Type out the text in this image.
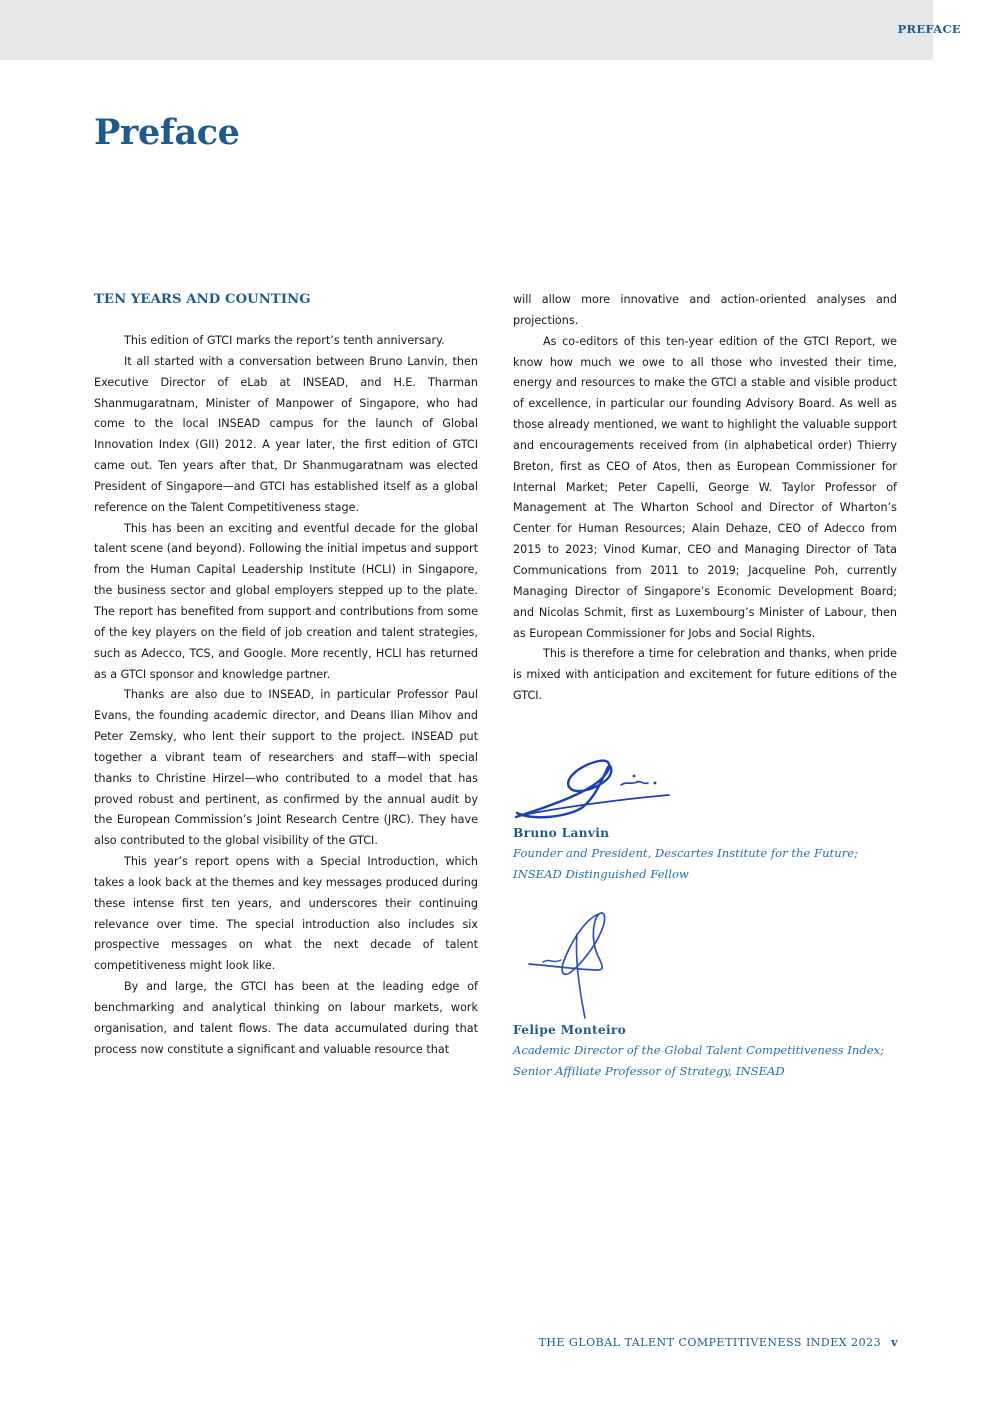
PREFACE
Preface
TEN YEARS AND COUNTING

This edition of GTCI marks the report’s tenth anniversary.

It all started with a conversation between Bruno Lanvin, then Executive Director of eLab at INSEAD, and H.E. Tharman Shanmugaratnam, Minister of Manpower of Singapore, who had come to the local INSEAD campus for the launch of Global Innovation Index (GII) 2012. A year later, the first edition of GTCI came out. Ten years after that, Dr Shanmugaratnam was elected President of Singapore—and GTCI has established itself as a global reference on the Talent Competitiveness stage.

This has been an exciting and eventful decade for the global talent scene (and beyond). Following the initial impetus and support from the Human Capital Leadership Institute (HCLI) in Singapore, the business sector and global employers stepped up to the plate. The report has benefited from support and contributions from some of the key players on the field of job creation and talent strategies, such as Adecco, TCS, and Google. More recently, HCLI has returned as a GTCI sponsor and knowledge partner.

Thanks are also due to INSEAD, in particular Professor Paul Evans, the founding academic director, and Deans Ilian Mihov and Peter Zemsky, who lent their support to the project. INSEAD put together a vibrant team of researchers and staff—with special thanks to Christine Hirzel—who contributed to a model that has proved robust and pertinent, as confirmed by the annual audit by the European Commission’s Joint Research Centre (JRC). They have also contributed to the global visibility of the GTCI.

This year’s report opens with a Special Introduction, which takes a look back at the themes and key messages produced during these intense first ten years, and underscores their continuing relevance over time. The special introduction also includes six prospective messages on what the next decade of talent competitiveness might look like.

By and large, the GTCI has been at the leading edge of benchmarking and analytical thinking on labour markets, work organisation, and talent flows. The data accumulated during that process now constitute a significant and valuable resource that

will allow more innovative and action-oriented analyses and projections.

As co-editors of this ten-year edition of the GTCI Report, we know how much we owe to all those who invested their time, energy and resources to make the GTCI a stable and visible product of excellence, in particular our founding Advisory Board. As well as those already mentioned, we want to highlight the valuable support and encouragements received from (in alphabetical order) Thierry Breton, first as CEO of Atos, then as European Commissioner for Internal Market; Peter Capelli, George W. Taylor Professor of Management at The Wharton School and Director of Wharton’s Center for Human Resources; Alain Dehaze, CEO of Adecco from 2015 to 2023; Vinod Kumar, CEO and Managing Director of Tata Communications from 2011 to 2019; Jacqueline Poh, currently Managing Director of Singapore’s Economic Development Board; and Nicolas Schmit, first as Luxembourg’s Minister of Labour, then as European Commissioner for Jobs and Social Rights.

This is therefore a time for celebration and thanks, when pride is mixed with anticipation and excitement for future editions of the GTCI.

Bruno Lanvin

Founder and President, Descartes Institute for the Future;

INSEAD Distinguished Fellow

Felipe Monteiro

Academic Director of the Global Talent Competitiveness Index;

Senior Affiliate Professor of Strategy, INSEAD

THE GLOBAL TALENT COMPETITIVENESS INDEX 2023 v
